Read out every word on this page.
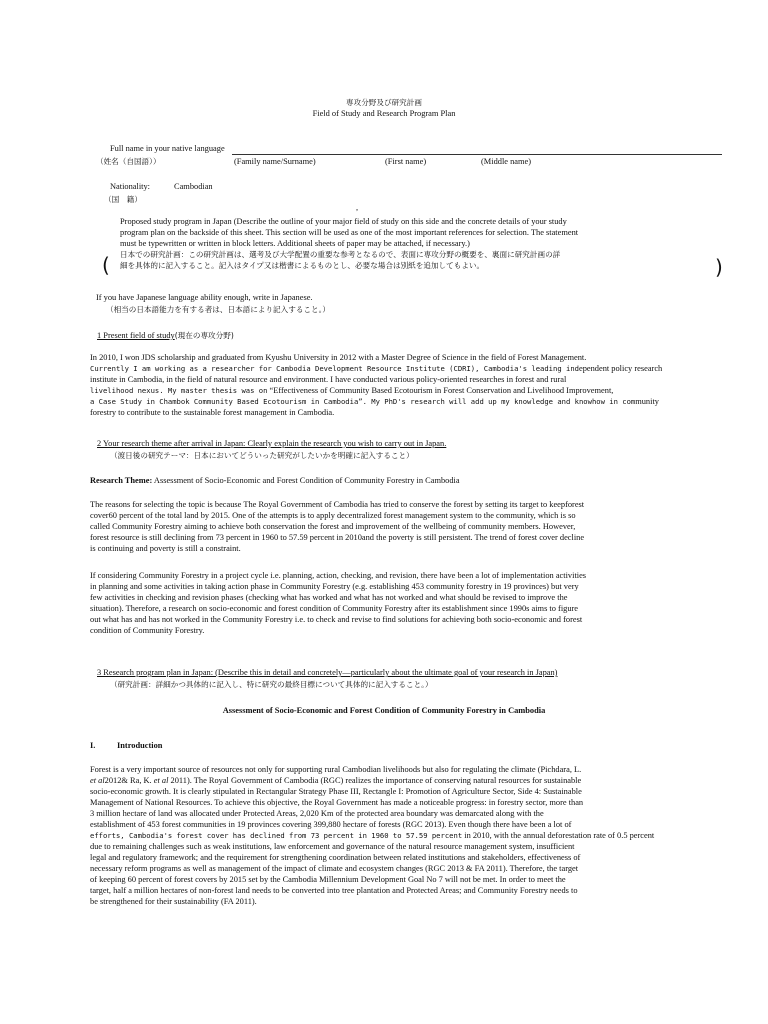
専攻分野及び研究計画
Field of Study and Research Program Plan
Full name in your native language
（姓名（自国語））	(Family name/Surname)	(First name)	(Middle name)
Nationality:	Cambodian
（国　籍）
,
Proposed study program in Japan (Describe the outline of your major field of study on this side and the concrete details of your study
program plan on the backside of this sheet. This section will be used as one of the most important references for selection. The statement
must be typewritten or written in block letters. Additional sheets of paper may be attached, if necessary.)
日本での研究計画：この研究計画は、選考及び大学配置の重要な参考となるので、表面に専攻分野の概要を、裏面に研究計画の詳
細を具体的に記入すること。記入はタイプ又は楷書によるものとし、必要な場合は別紙を追加してもよい。
(	)
If you have Japanese language ability enough, write in Japanese.
（相当の日本語能力を有する者は、日本語により記入すること。）
1 Present field of study(現在の専攻分野)
In 2010, I won JDS scholarship and graduated from Kyushu University in 2012 with a Master Degree of Science in the field of Forest Management.
Currently I am working as a researcher for Cambodia Development Resource Institute (CDRI), Cambodia's leading independent policy research
institute in Cambodia, in the field of natural resource and environment. I have conducted various policy-oriented researches in forest and rural
livelihood nexus. My master thesis was on “Effectiveness of Community Based Ecotourism in Forest Conservation and Livelihood Improvement,
a Case Study in Chambok Community Based Ecotourism in Cambodia”. My PhD's research will add up my knowledge and knowhow in community
forestry to contribute to the sustainable forest management in Cambodia.
2 Your research theme after arrival in Japan: Clearly explain the research you wish to carry out in Japan.
（渡日後の研究テーマ：日本においてどういった研究がしたいかを明確に記入すること）
Research Theme: Assessment of Socio-Economic and Forest Condition of Community Forestry in Cambodia
The reasons for selecting the topic is because The Royal Government of Cambodia has tried to conserve the forest by setting its target to keepforest
cover60 percent of the total land by 2015. One of the attempts is to apply decentralized forest management system to the community, which is so
called Community Forestry aiming to achieve both conservation the forest and improvement of the wellbeing of community members. However,
forest resource is still declining from 73 percent in 1960 to 57.59 percent in 2010and the poverty is still persistent. The trend of forest cover decline
is continuing and poverty is still a constraint.
If considering Community Forestry in a project cycle i.e. planning, action, checking, and revision, there have been a lot of implementation activities
in planning and some activities in taking action phase in Community Forestry (e.g. establishing 453 community forestry in 19 provinces) but very
few activities in checking and revision phases (checking what has worked and what has not worked and what should be revised to improve the
situation). Therefore, a research on socio-economic and forest condition of Community Forestry after its establishment since 1990s aims to figure
out what has and has not worked in the Community Forestry i.e. to check and revise to find solutions for achieving both socio-economic and forest
condition of Community Forestry.
3 Research program plan in Japan: (Describe this in detail and concretely—particularly about the ultimate goal of your research in Japan)
（研究計画：詳細かつ具体的に記入し、特に研究の最終目標について具体的に記入すること。）
Assessment of Socio-Economic and Forest Condition of Community Forestry in Cambodia
I.	Introduction
Forest is a very important source of resources not only for supporting rural Cambodian livelihoods but also for regulating the climate (Pichdara, L.
et al2012& Ra, K. et al 2011). The Royal Government of Cambodia (RGC) realizes the importance of conserving natural resources for sustainable
socio-economic growth. It is clearly stipulated in Rectangular Strategy Phase III, Rectangle I: Promotion of Agriculture Sector, Side 4: Sustainable
Management of National Resources. To achieve this objective, the Royal Government has made a noticeable progress: in forestry sector, more than
3 million hectare of land was allocated under Protected Areas, 2,020 Km of the protected area boundary was demarcated along with the
establishment of 453 forest communities in 19 provinces covering 399,880 hectare of forests (RGC 2013). Even though there have been a lot of
efforts, Cambodia's forest cover has declined from 73 percent in 1960 to 57.59 percent in 2010, with the annual deforestation rate of 0.5 percent
due to remaining challenges such as weak institutions, law enforcement and governance of the natural resource management system, insufficient
legal and regulatory framework; and the requirement for strengthening coordination between related institutions and stakeholders, effectiveness of
necessary reform programs as well as management of the impact of climate and ecosystem changes (RGC 2013 & FA 2011). Therefore, the target
of keeping 60 percent of forest covers by 2015 set by the Cambodia Millennium Development Goal No 7 will not be met. In order to meet the
target, half a million hectares of non-forest land needs to be converted into tree plantation and Protected Areas; and Community Forestry needs to
be strengthened for their sustainability (FA 2011).
